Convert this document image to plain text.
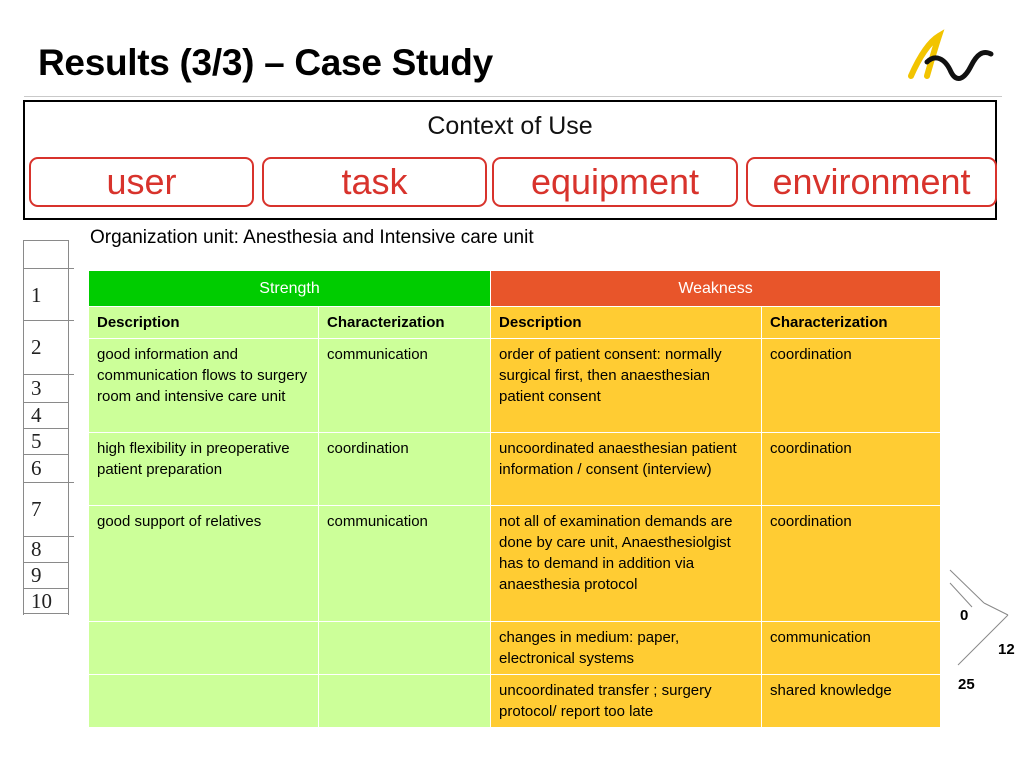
Results (3/3) – Case Study
Context of Use
user	task	equipment	environment
Organization unit: Anesthesia and Intensive care unit
1
2
3
4
5
6
7
8
9
10
Strength		Weakness	
Description	Characterization	Description	Characterization
good information and communication flows to surgery room and intensive care unit	communication	order of patient consent: normally surgical first, then anaesthesian patient consent	coordination
high flexibility in preoperative patient preparation	coordination	uncoordinated anaesthesian patient information / consent (interview)	coordination
good support of relatives	communication	not all of examination demands are done by care unit, Anaesthesiolgist has to demand in addition via anaesthesia protocol	coordination
		changes in medium: paper, electronical systems	communication
		uncoordinated transfer ; surgery protocol/ report too late	shared knowledge
0
12
25
